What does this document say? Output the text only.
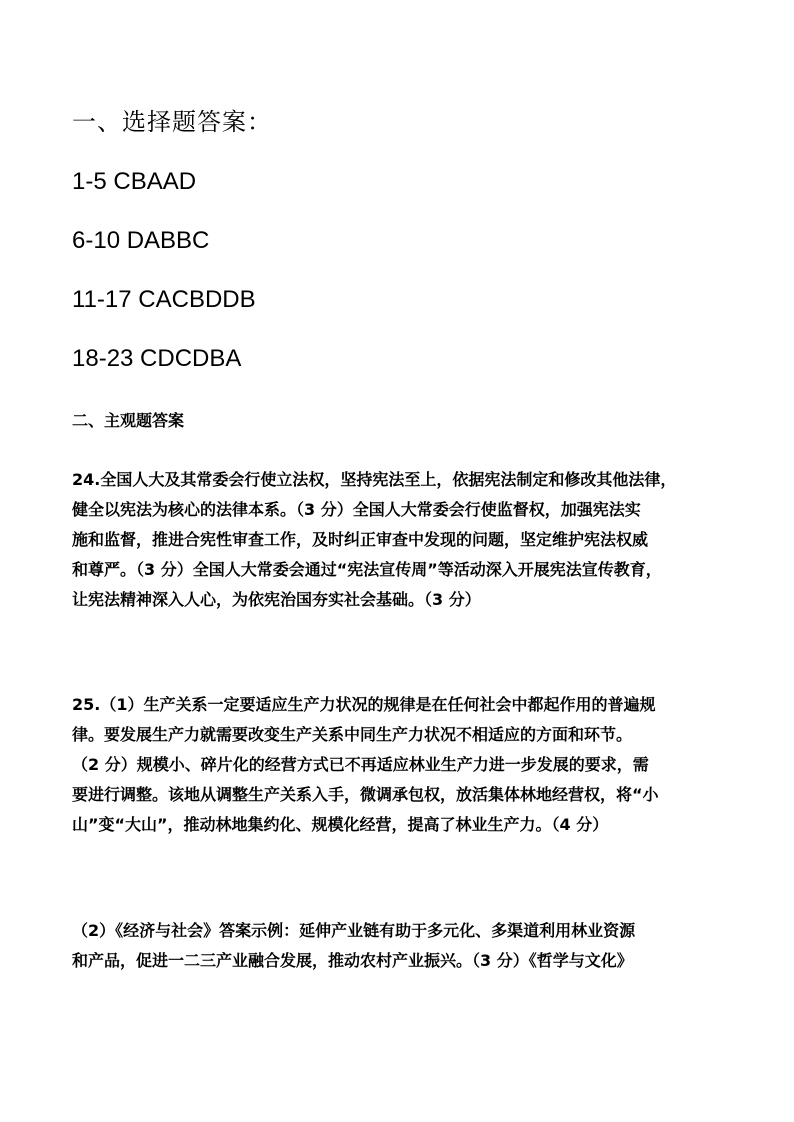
一、选择题答案：
1-5 CBAAD
6-10 DABBC
11-17 CACBDDB
18-23 CDCDBA
二、主观题答案
24.全国人大及其常委会行使立法权，坚持宪法至上，依据宪法制定和修改其他法律，
健全以宪法为核心的法律本系。（3 分）全国人大常委会行使监督权，加强宪法实
施和监督，推进合宪性审查工作，及时纠正审查中发现的问题，坚定维护宪法权威
和尊严。（3 分）全国人大常委会通过“宪法宣传周”等活动深入开展宪法宣传教育，
让宪法精神深入人心，为依宪治国夯实社会基础。（3 分）
25.（1）生产关系一定要适应生产力状况的规律是在任何社会中都起作用的普遍规
律。要发展生产力就需要改变生产关系中同生产力状况不相适应的方面和环节。
（2 分）规模小、碎片化的经营方式已不再适应林业生产力进一步发展的要求，需
要进行调整。该地从调整生产关系入手，微调承包权，放活集体林地经营权，将“小
山”变“大山”，推动林地集约化、规模化经营，提高了林业生产力。（4 分）
（2）《经济与社会》答案示例：延伸产业链有助于多元化、多渠道利用林业资源
和产品，促进一二三产业融合发展，推动农村产业振兴。（3 分）《哲学与文化》
